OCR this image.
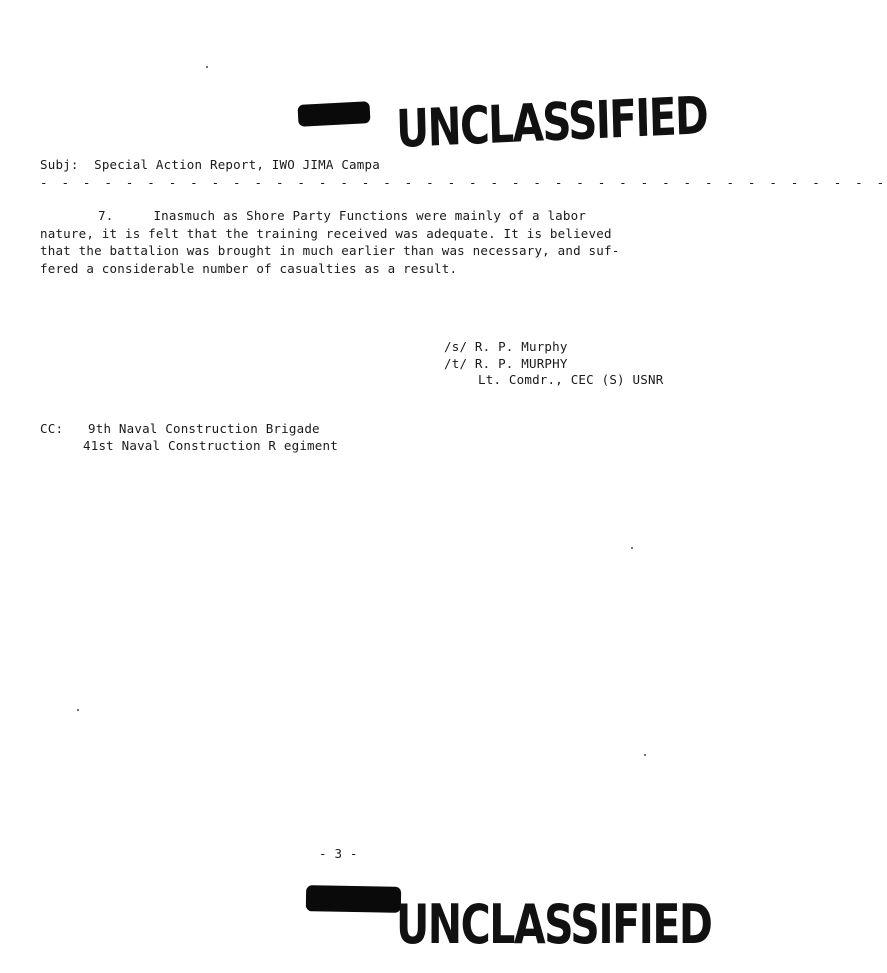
UNCLASSIFIED
Subj: Special Action Report, IWO JIMA Campa
- - - - - - - - - - - - - - - - - - - - - - - - - - - - - - - - - - - - - - - -

7.	Inasmuch as Shore Party Functions were mainly of a labor

nature, it is felt that the training received was adequate. It is believed

that the battalion was brought in much earlier than was necessary, and suf-

fered a considerable number of casualties as a result.

/s/ R. P. Murphy
/t/ R. P. MURPHY
Lt. Comdr., CEC (S) USNR
CC: 9th Naval Construction Brigade
41st Naval Construction R egiment
- 3 -
UNCLASSIFIED
